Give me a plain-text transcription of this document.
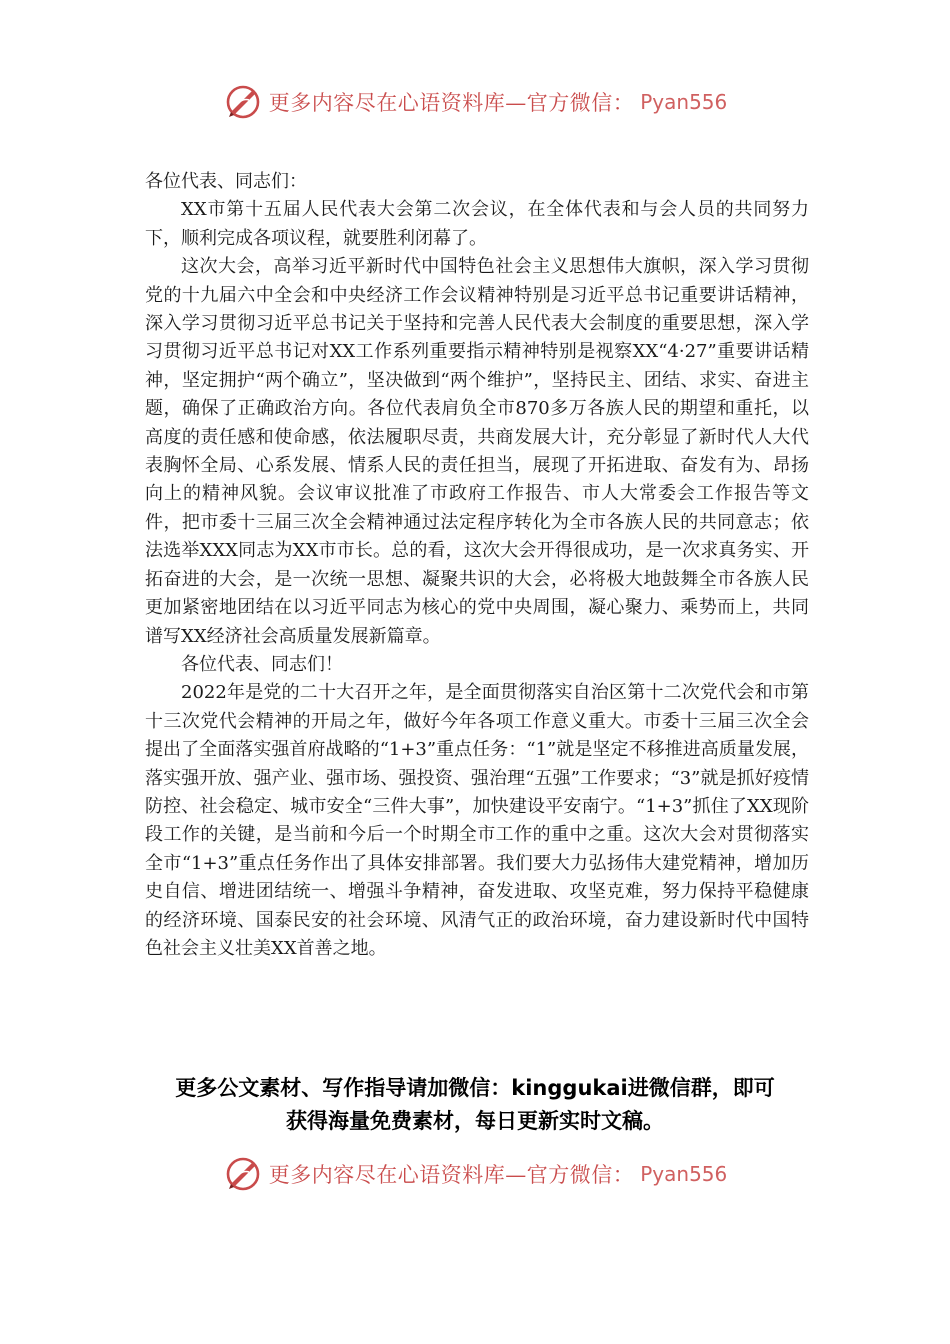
更多内容尽在心语资料库—官方微信： Pyan556

各位代表、同志们：

XX市第十五届人民代表大会第二次会议，在全体代表和与会人员的共同努力下，顺利完成各项议程，就要胜利闭幕了。

这次大会，高举习近平新时代中国特色社会主义思想伟大旗帜，深入学习贯彻党的十九届六中全会和中央经济工作会议精神特别是习近平总书记重要讲话精神，深入学习贯彻习近平总书记关于坚持和完善人民代表大会制度的重要思想，深入学习贯彻习近平总书记对XX工作系列重要指示精神特别是视察XX“4·27”重要讲话精神，坚定拥护“两个确立”，坚决做到“两个维护”，坚持民主、团结、求实、奋进主题，确保了正确政治方向。各位代表肩负全市870多万各族人民的期望和重托，以高度的责任感和使命感，依法履职尽责，共商发展大计，充分彰显了新时代人大代表胸怀全局、心系发展、情系人民的责任担当，展现了开拓进取、奋发有为、昂扬向上的精神风貌。会议审议批准了市政府工作报告、市人大常委会工作报告等文件，把市委十三届三次全会精神通过法定程序转化为全市各族人民的共同意志；依法选举XXX同志为XX市市长。总的看，这次大会开得很成功，是一次求真务实、开拓奋进的大会，是一次统一思想、凝聚共识的大会，必将极大地鼓舞全市各族人民更加紧密地团结在以习近平同志为核心的党中央周围，凝心聚力、乘势而上，共同谱写XX经济社会高质量发展新篇章。

各位代表、同志们！

2022年是党的二十大召开之年，是全面贯彻落实自治区第十二次党代会和市第十三次党代会精神的开局之年，做好今年各项工作意义重大。市委十三届三次全会提出了全面落实强首府战略的“1+3”重点任务：“1”就是坚定不移推进高质量发展，落实强开放、强产业、强市场、强投资、强治理“五强”工作要求；“3”就是抓好疫情防控、社会稳定、城市安全“三件大事”，加快建设平安南宁。“1+3”抓住了XX现阶段工作的关键，是当前和今后一个时期全市工作的重中之重。这次大会对贯彻落实全市“1+3”重点任务作出了具体安排部署。我们要大力弘扬伟大建党精神，增加历史自信、增进团结统一、增强斗争精神，奋发进取、攻坚克难，努力保持平稳健康的经济环境、国泰民安的社会环境、风清气正的政治环境，奋力建设新时代中国特色社会主义壮美XX首善之地。

更多公文素材、写作指导请加微信：kinggukai进微信群，即可
获得海量免费素材，每日更新实时文稿。
更多内容尽在心语资料库—官方微信： Pyan556
